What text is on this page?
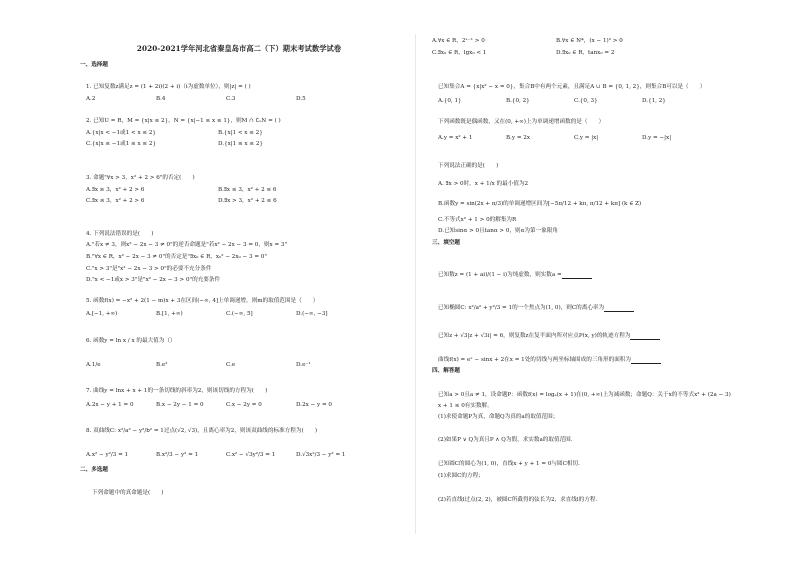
2020-2021学年河北省秦皇岛市高二（下）期末考试数学试卷
一、选择题
1. 已知复数z满足z = (1 + 2i)(2 + i)（i为虚数单位），则|z| = ( )
A.2	B.4	C.3	D.5
2. 已知U = R，M = {x|x ≤ 2}，N = {x|−1 ≤ x ≤ 1}，则M ∩ ∁ᵤN = ( )
A.{x|x < −1或1 < x ≤ 2}	B.{x|1 < x ≤ 2}
C.{x|x ≤ −1或1 ≤ x ≤ 2}	D.{x|1 ≤ x ≤ 2}
3. 命题"∀x > 3，x² + 2 > 6"的否定(　　)
A.∃x ≥ 3，x² + 2 > 6	B.∃x ≤ 3，x² + 2 ≤ 6
C.∃x ≤ 3，x² + 2 > 6	D.∃x > 3，x² + 2 ≤ 6
4. 下列说法错误的是(　　)
A."若x ≠ 3，则x² − 2x − 3 ≠ 0"的逆否命题是"若x² − 2x − 3 = 0，则x = 3"
B."∀x ∈ R，x² − 2x − 3 ≠ 0"的否定是"∃x₀ ∈ R，x₀² − 2x₀ − 3 = 0"
C."x > 3"是"x² − 2x − 3 > 0"的必要不充分条件
D."x < −1或x > 3"是"x² − 2x − 3 > 0"的充要条件
5. 函数f(x) = −x² + 2(1 − m)x + 3在区间(−∞, 4]上单调递增，则m的取值范围是（　　）
A.[−1, +∞)	B.[1, +∞)	C.(−∞, 5]	D.(−∞, −3]
6. 函数y = ln x / x 的最大值为（）
A.1/e	B.e²	C.e	D.e⁻¹
7. 曲线y = lnx + x + 1的一条切线的斜率为2，则该切线的方程为(　　)
A.2x − y + 1 = 0	B.x − 2y − 1 = 0	C.x − 2y = 0	D.2x − y = 0
8. 双曲线C: x²/a² − y²/b² = 1过点(√2, √3)，且离心率为2，则该双曲线的标准方程为(　　)
A.x² − y²/3 = 1	B.x²/3 − y² = 1	C.x² − √3y²/3 = 1	D.√3x²/3 − y² = 1
二、多选题
下列命题中的真命题是(　　)
A.∀x ∈ R，2ˣ⁻¹ > 0	B.∀x ∈ N*，(x − 1)² > 0
C.∃x₀ ∈ R，lgx₀ < 1	D.∃x₀ ∈ R，tanx₀ = 2
已知集合A = {x|x² − x = 0}，集合B中有两个元素，且满足A ∪ B = {0, 1, 2}，则集合B可以是（　　）
A.{0, 1}	B.{0, 2}	C.{0, 3}	D.{1, 2}
下列函数既是偶函数，又在(0, +∞)上为单调递增函数的是（　　）
A.y = x² + 1	B.y = 2x	C.y = |x|	D.y = −|x|
下列说法正确的是(　　)
A. ∃x > 0时，x + 1/x 的最小值为2
B.函数y = sin(2x + π/3)的单调递增区间为[−5π/12 + kπ, π/12 + kπ] (k ∈ Z)
C.不等式x² + 1 > 0的解集为R
D.已知sinα > 0且tanα > 0，则α为第一象限角
三、填空题
已知数z = (1 + ai)/(1 − i)为纯虚数，则实数a =
已知椭圆C: x²/a² + y²/3 = 1的一个焦点为(1, 0)，则C的离心率为
已知z + √3|z + √3i| = 6，则复数z在复平面内所对应点P(x, y)的轨迹方程为
曲线f(x) = eˣ − sinx + 2在x = 1处的切线与两坐标轴围成的三角形的面积为
四、解答题
已知a > 0且a ≠ 1，设命题P：函数f(x) = logₐ(x + 1)在(0, +∞)上为减函数；命题Q：关于x的不等式x² + (2a − 3)
x + 1 ≤ 0有实数解。
(1)求使命题P为真，命题Q为真的a的取值范围；
(2)如果P ∨ Q为真且P ∧ Q为假，求实数a的取值范围.
已知圆C的圆心为(1, 0)，直线x + y + 1 = 0与圆C相切.
(1)求圆C的方程；
(2)若直线l过点(2, 2)，被圆C所截得的弦长为2，求直线l的方程.
